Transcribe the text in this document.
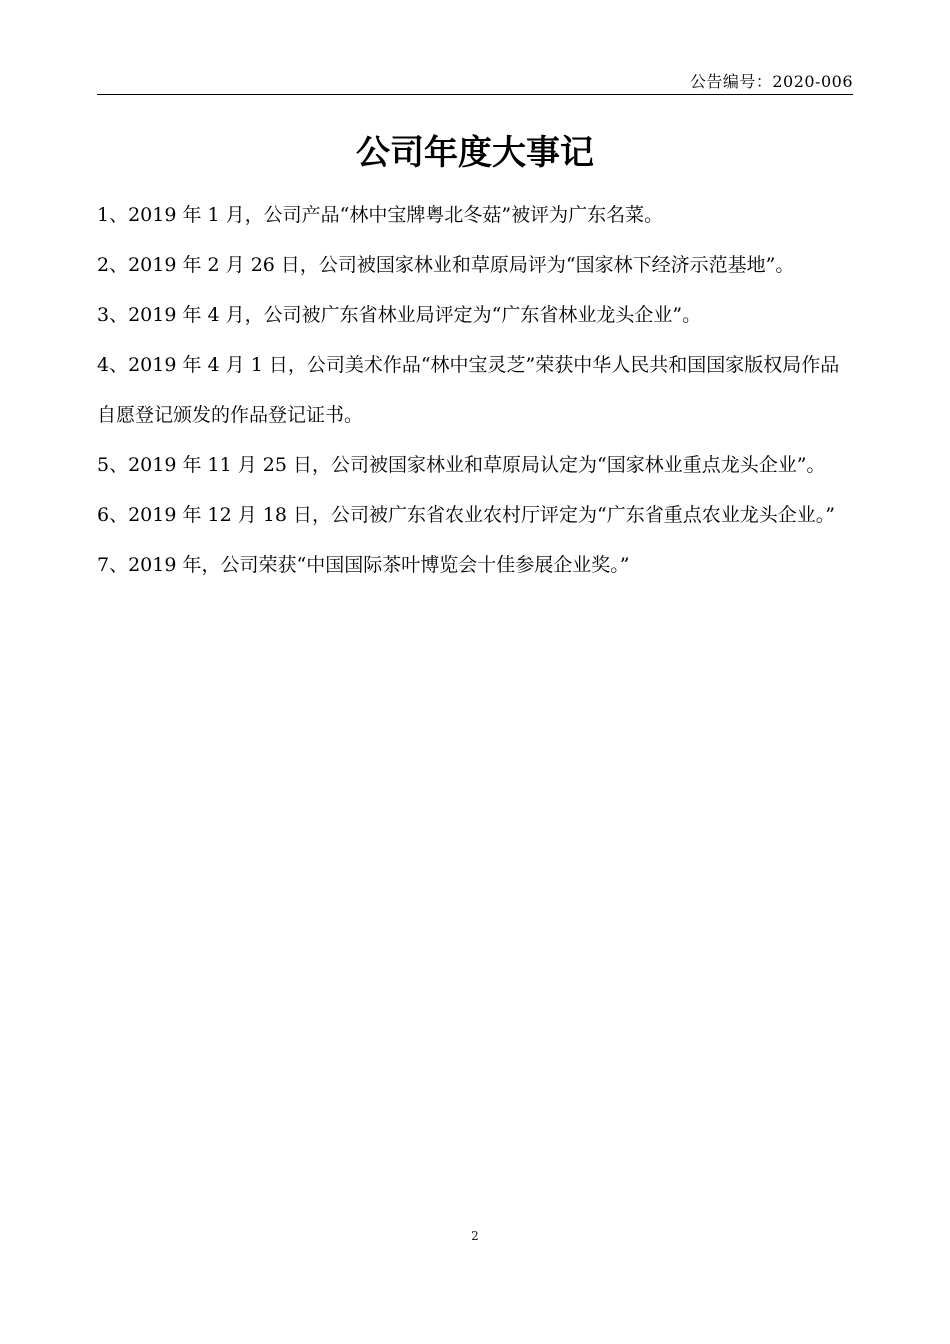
公告编号：2020-006
公司年度大事记
1、2019 年 1 月，公司产品“林中宝牌粤北冬菇”被评为广东名菜。
2、2019 年 2 月 26 日，公司被国家林业和草原局评为“国家林下经济示范基地”。
3、2019 年 4 月，公司被广东省林业局评定为“广东省林业龙头企业”。
4、2019 年 4 月 1 日，公司美术作品“林中宝灵芝”荣获中华人民共和国国家版权局作品自愿登记颁发的作品登记证书。
5、2019 年 11 月 25 日，公司被国家林业和草原局认定为“国家林业重点龙头企业”。
6、2019 年 12 月 18 日，公司被广东省农业农村厅评定为“广东省重点农业龙头企业。”
7、2019 年，公司荣获“中国国际茶叶博览会十佳参展企业奖。”
2
